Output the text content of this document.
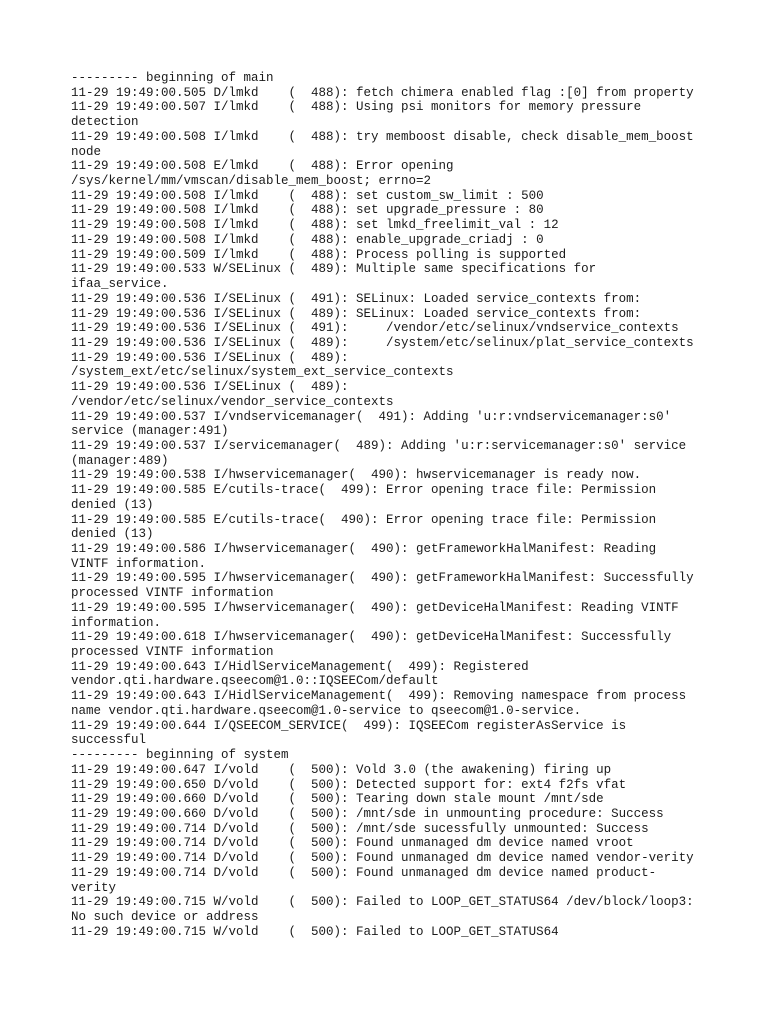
--------- beginning of main
11-29 19:49:00.505 D/lmkd    (  488): fetch chimera enabled flag :[0] from property
11-29 19:49:00.507 I/lmkd    (  488): Using psi monitors for memory pressure
detection
11-29 19:49:00.508 I/lmkd    (  488): try memboost disable, check disable_mem_boost
node
11-29 19:49:00.508 E/lmkd    (  488): Error opening
/sys/kernel/mm/vmscan/disable_mem_boost; errno=2
11-29 19:49:00.508 I/lmkd    (  488): set custom_sw_limit : 500
11-29 19:49:00.508 I/lmkd    (  488): set upgrade_pressure : 80
11-29 19:49:00.508 I/lmkd    (  488): set lmkd_freelimit_val : 12
11-29 19:49:00.508 I/lmkd    (  488): enable_upgrade_criadj : 0
11-29 19:49:00.509 I/lmkd    (  488): Process polling is supported
11-29 19:49:00.533 W/SELinux (  489): Multiple same specifications for
ifaa_service.
11-29 19:49:00.536 I/SELinux (  491): SELinux: Loaded service_contexts from:
11-29 19:49:00.536 I/SELinux (  489): SELinux: Loaded service_contexts from:
11-29 19:49:00.536 I/SELinux (  491):     /vendor/etc/selinux/vndservice_contexts
11-29 19:49:00.536 I/SELinux (  489):     /system/etc/selinux/plat_service_contexts
11-29 19:49:00.536 I/SELinux (  489):
/system_ext/etc/selinux/system_ext_service_contexts
11-29 19:49:00.536 I/SELinux (  489):
/vendor/etc/selinux/vendor_service_contexts
11-29 19:49:00.537 I/vndservicemanager(  491): Adding 'u:r:vndservicemanager:s0'
service (manager:491)
11-29 19:49:00.537 I/servicemanager(  489): Adding 'u:r:servicemanager:s0' service
(manager:489)
11-29 19:49:00.538 I/hwservicemanager(  490): hwservicemanager is ready now.
11-29 19:49:00.585 E/cutils-trace(  499): Error opening trace file: Permission
denied (13)
11-29 19:49:00.585 E/cutils-trace(  490): Error opening trace file: Permission
denied (13)
11-29 19:49:00.586 I/hwservicemanager(  490): getFrameworkHalManifest: Reading
VINTF information.
11-29 19:49:00.595 I/hwservicemanager(  490): getFrameworkHalManifest: Successfully
processed VINTF information
11-29 19:49:00.595 I/hwservicemanager(  490): getDeviceHalManifest: Reading VINTF
information.
11-29 19:49:00.618 I/hwservicemanager(  490): getDeviceHalManifest: Successfully
processed VINTF information
11-29 19:49:00.643 I/HidlServiceManagement(  499): Registered
vendor.qti.hardware.qseecom@1.0::IQSEECom/default
11-29 19:49:00.643 I/HidlServiceManagement(  499): Removing namespace from process
name vendor.qti.hardware.qseecom@1.0-service to qseecom@1.0-service.
11-29 19:49:00.644 I/QSEECOM_SERVICE(  499): IQSEECom registerAsService is
successful
--------- beginning of system
11-29 19:49:00.647 I/vold    (  500): Vold 3.0 (the awakening) firing up
11-29 19:49:00.650 D/vold    (  500): Detected support for: ext4 f2fs vfat
11-29 19:49:00.660 D/vold    (  500): Tearing down stale mount /mnt/sde
11-29 19:49:00.660 D/vold    (  500): /mnt/sde in unmounting procedure: Success
11-29 19:49:00.714 D/vold    (  500): /mnt/sde sucessfully unmounted: Success
11-29 19:49:00.714 D/vold    (  500): Found unmanaged dm device named vroot
11-29 19:49:00.714 D/vold    (  500): Found unmanaged dm device named vendor-verity
11-29 19:49:00.714 D/vold    (  500): Found unmanaged dm device named product-
verity
11-29 19:49:00.715 W/vold    (  500): Failed to LOOP_GET_STATUS64 /dev/block/loop3:
No such device or address
11-29 19:49:00.715 W/vold    (  500): Failed to LOOP_GET_STATUS64
